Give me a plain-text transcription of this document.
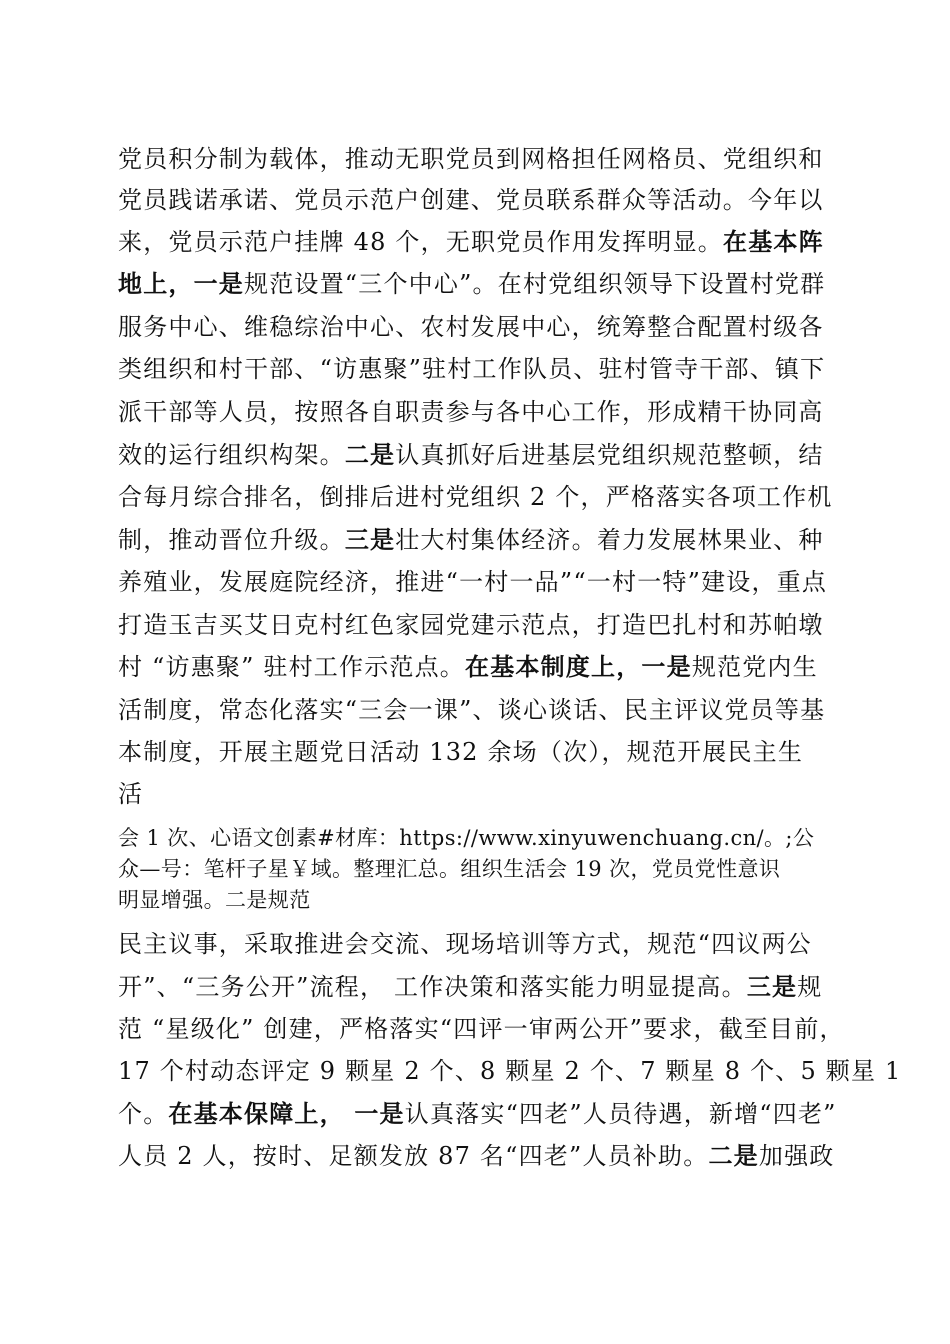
党员积分制为载体，推动无职党员到网格担任网格员、党组织和
党员践诺承诺、党员示范户创建、党员联系群众等活动。今年以
来，党员示范户挂牌 48 个，无职党员作用发挥明显。在基本阵
地上，一是规范设置“三个中心”。在村党组织领导下设置村党群
服务中心、维稳综治中心、农村发展中心，统筹整合配置村级各
类组织和村干部、“访惠聚”驻村工作队员、驻村管寺干部、镇下
派干部等人员，按照各自职责参与各中心工作，形成精干协同高
效的运行组织构架。二是认真抓好后进基层党组织规范整顿，结
合每月综合排名，倒排后进村党组织 2 个，严格落实各项工作机
制，推动晋位升级。三是壮大村集体经济。着力发展林果业、种
养殖业，发展庭院经济，推进“一村一品”“一村一特”建设，重点
打造玉吉买艾日克村红色家园党建示范点，打造巴扎村和苏帕墩
村 “访惠聚” 驻村工作示范点。在基本制度上，一是规范党内生
活制度，常态化落实“三会一课”、谈心谈话、民主评议党员等基
本制度，开展主题党日活动 132 余场（次），规范开展民主生
活
会 1 次、心语文创素#材库：https://www.xinyuwenchuang.cn/。;公
众—号：笔杆子星￥域。整理汇总。组织生活会 19 次，党员党性意识
明显增强。二是规范
民主议事，采取推进会交流、现场培训等方式，规范“四议两公
开”、“三务公开”流程， 工作决策和落实能力明显提高。三是规
范 “星级化” 创建，严格落实“四评一审两公开”要求，截至目前，
17 个村动态评定 9 颗星 2 个、8 颗星 2 个、7 颗星 8 个、5 颗星 1
个。在基本保障上， 一是认真落实“四老”人员待遇，新增“四老”
人员 2 人，按时、足额发放 87 名“四老”人员补助。二是加强政
